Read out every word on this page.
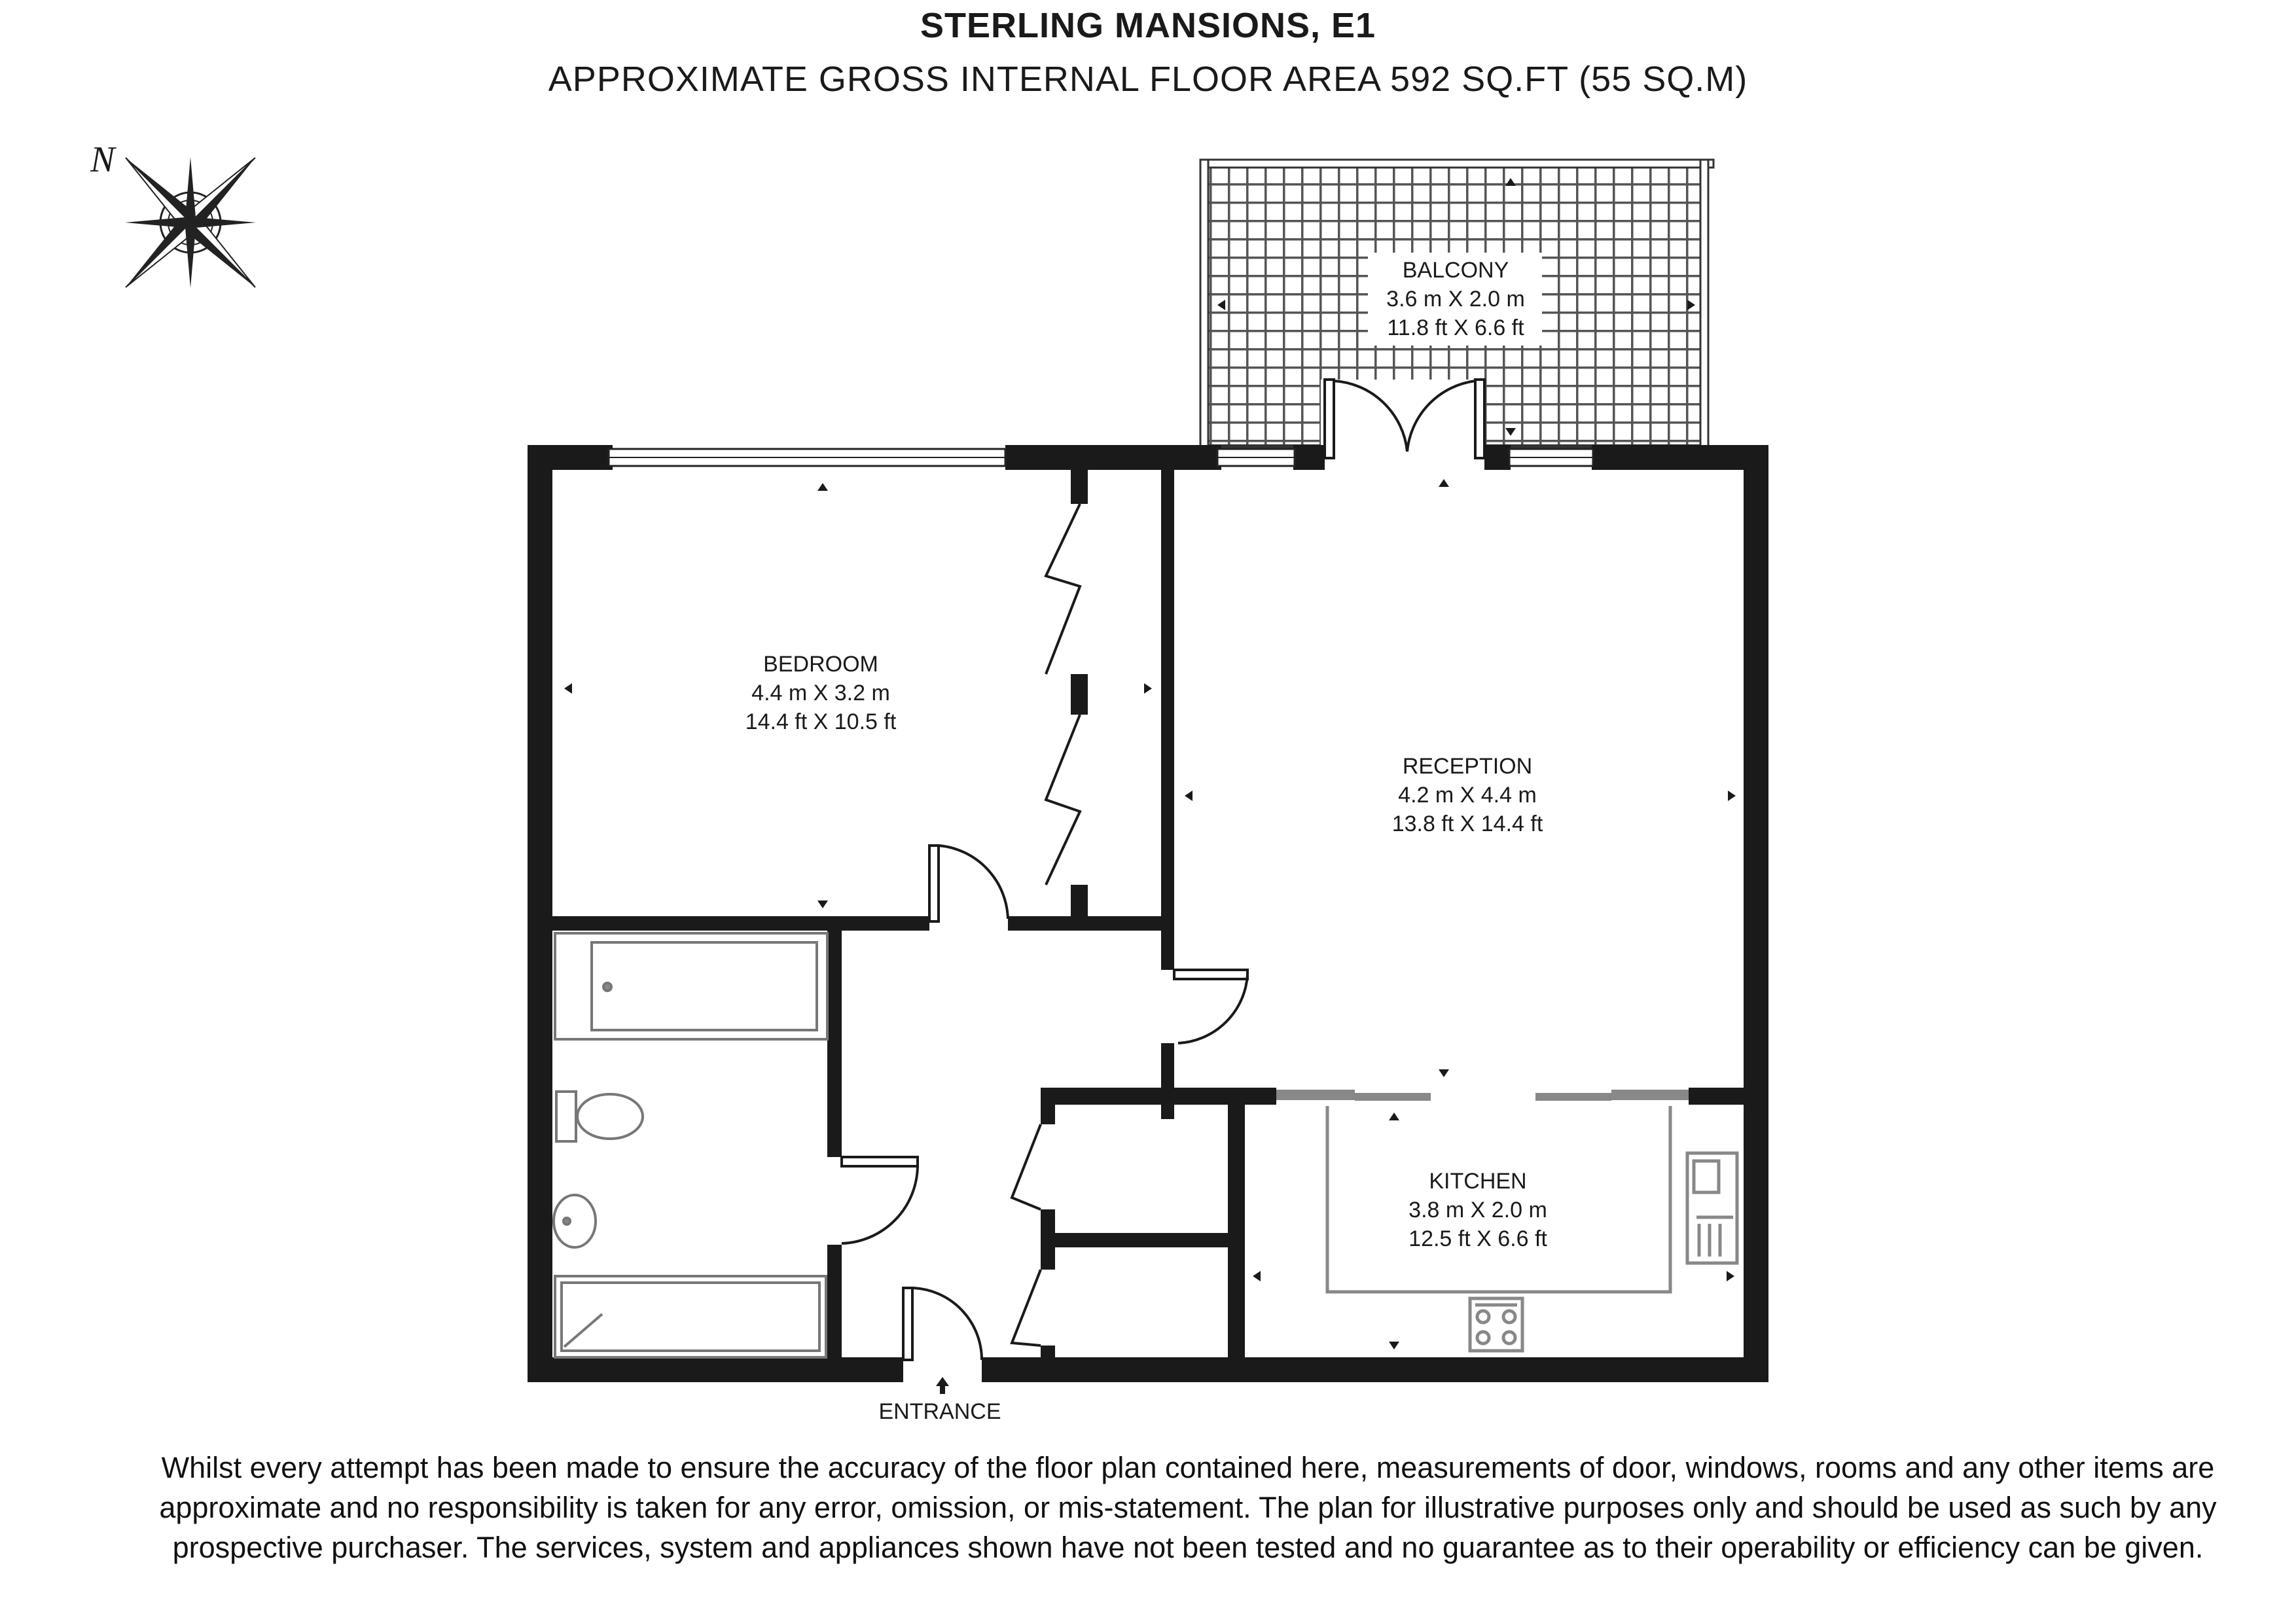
STERLING MANSIONS, E1
APPROXIMATE GROSS INTERNAL FLOOR AREA 592 SQ.FT (55 SQ.M)
N
BALCONY
3.6 m X 2.0 m
11.8 ft X 6.6 ft
BEDROOM
4.4 m X 3.2 m
14.4 ft X 10.5 ft
RECEPTION
4.2 m X 4.4 m
13.8 ft X 14.4 ft
KITCHEN
3.8 m X 2.0 m
12.5 ft X 6.6 ft
ENTRANCE
Whilst every attempt has been made to ensure the accuracy of the floor plan contained here, measurements of door, windows, rooms and any other items are approximate and no responsibility is taken for any error, omission, or mis-statement. The plan for illustrative purposes only and should be used as such by any prospective purchaser. The services, system and appliances shown have not been tested and no guarantee as to their operability or efficiency can be given.
